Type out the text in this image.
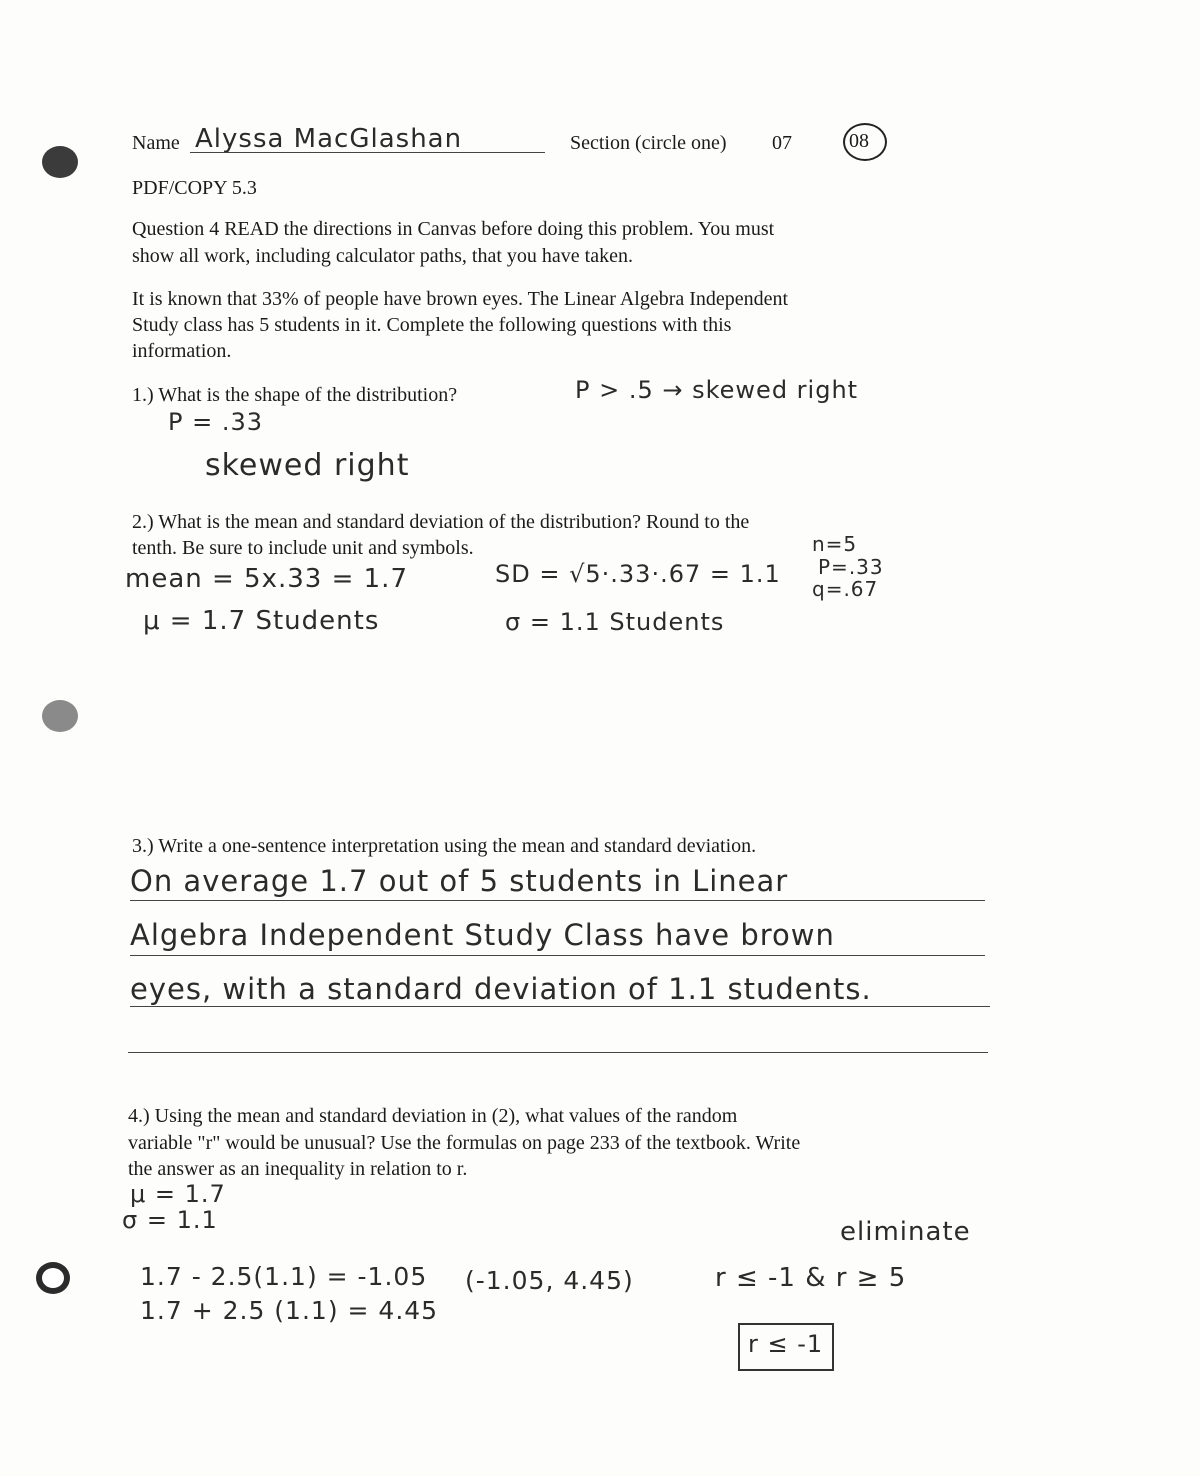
Name Alyssa MacGlashan	Section (circle one) 07	08
PDF/COPY 5.3
Question 4 READ the directions in Canvas before doing this problem. You must
show all work, including calculator paths, that you have taken.
It is known that 33% of people have brown eyes. The Linear Algebra Independent
Study class has 5 students in it. Complete the following questions with this
information.
1.) What is the shape of the distribution?	P > .5 → skewed right
P = .33
skewed right
2.) What is the mean and standard deviation of the distribution? Round to the
tenth. Be sure to include unit and symbols.	n=5
P=.33
q=.67
mean = 5x.33 = 1.7	SD = √5·.33·.67 = 1.1
μ = 1.7 Students	σ = 1.1 Students
3.) Write a one-sentence interpretation using the mean and standard deviation.
On average 1.7 out of 5 students in Linear
Algebra Independent Study Class have brown
eyes, with a standard deviation of 1.1 students.
4.) Using the mean and standard deviation in (2), what values of the random
variable "r" would be unusual? Use the formulas on page 233 of the textbook. Write
the answer as an inequality in relation to r.
μ = 1.7
σ = 1.1	eliminate
1.7 - 2.5(1.1) = -1.05
1.7 + 2.5 (1.1) = 4.45
(-1.05, 4.45)	r ≤ -1 & r ≥ 5
r ≤ -1
